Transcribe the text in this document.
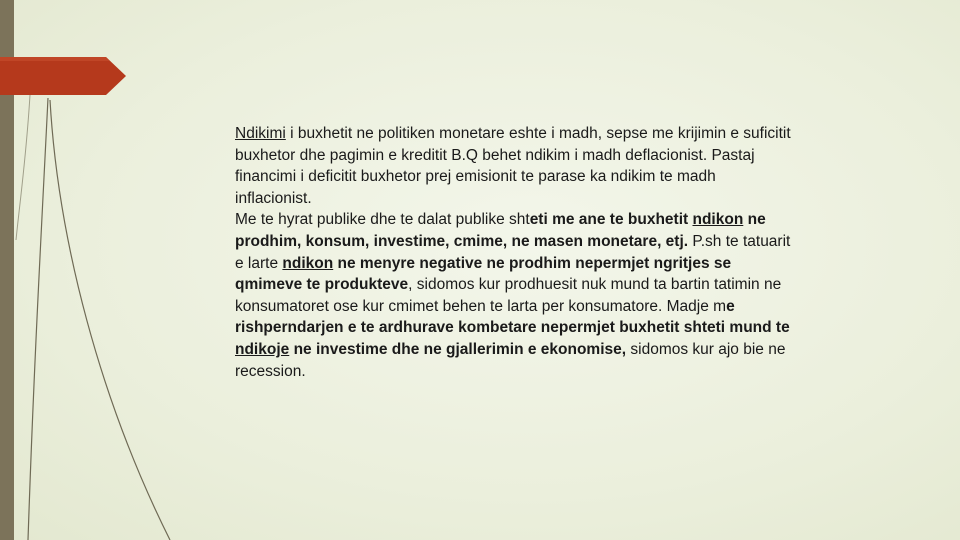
Ndikimi i buxhetit ne politiken monetare eshte i madh, sepse me krijimin e suficitit buxhetor dhe pagimin e kreditit B.Q behet ndikim i madh deflacionist. Pastaj financimi i deficitit buxhetor prej emisionit te parase ka ndikim te madh inflacionist.
Me te hyrat publike dhe te dalat publike shteti me ane te buxhetit ndikon ne prodhim, konsum, investime, cmime, ne masen monetare, etj. P.sh te tatuarit e larte ndikon ne menyre negative ne prodhim nepermjet ngritjes se qmimeve te produkteve, sidomos kur prodhuesit nuk mund ta bartin tatimin ne konsumatoret ose kur cmimet behen te larta per konsumatore. Madje me rishperndarjen e te ardhurave kombetare nepermjet buxhetit shteti mund te ndikoje ne investime dhe ne gjallerimin e ekonomise, sidomos kur ajo bie ne recession.
